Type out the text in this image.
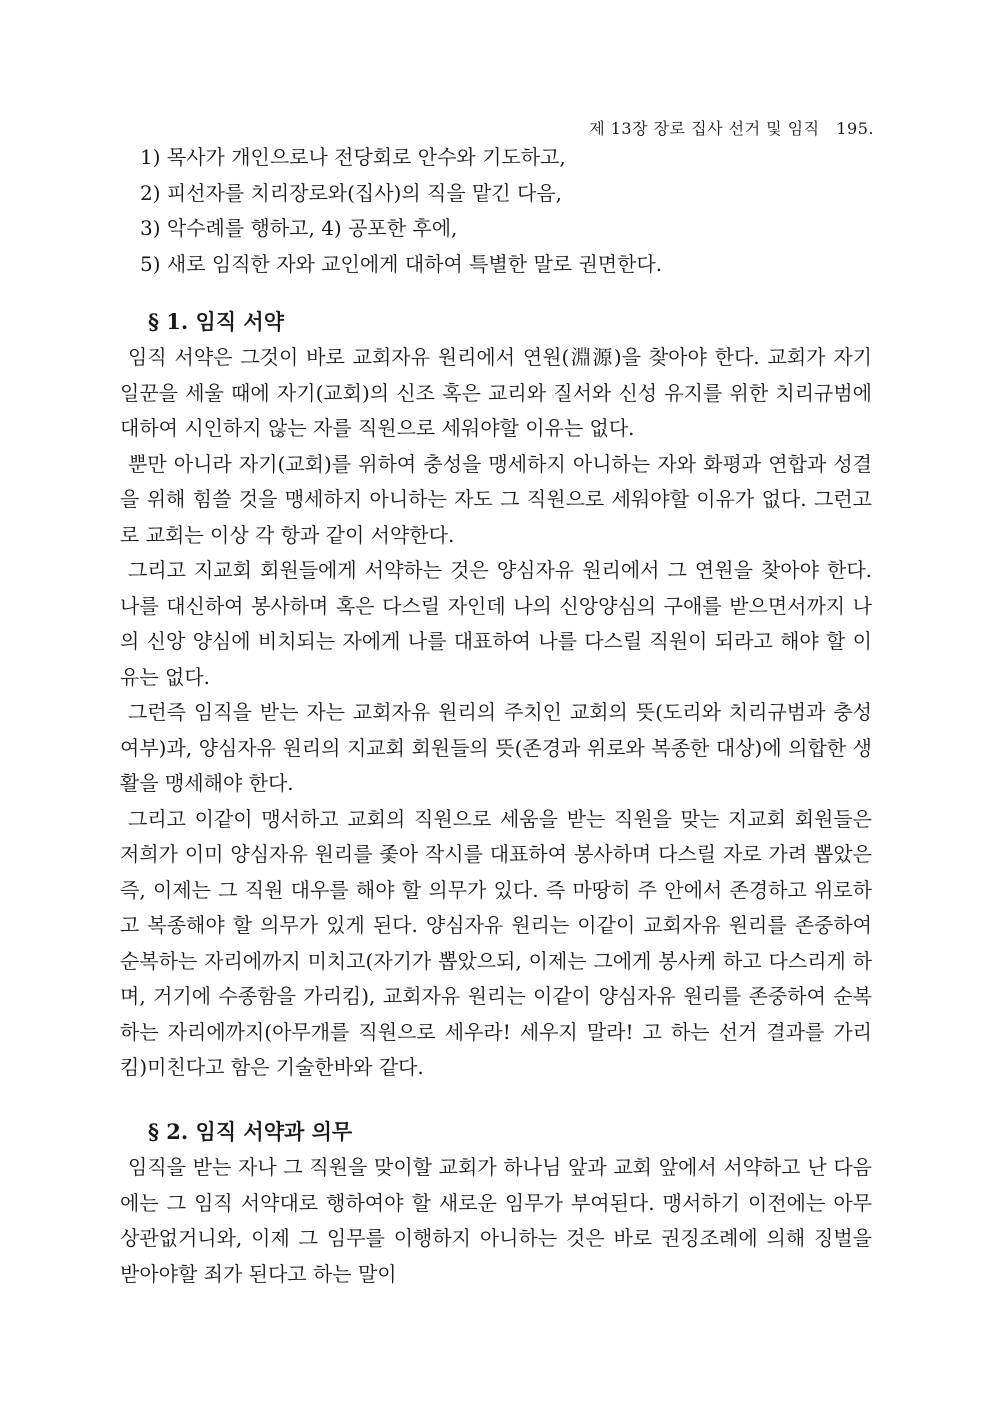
제 13장 장로 집사 선거 및 임직 195.
1) 목사가 개인으로나 전당회로 안수와 기도하고,
2) 피선자를 치리장로와(집사)의 직을 맡긴 다음,
3) 악수례를 행하고, 4) 공포한 후에,
5) 새로 임직한 자와 교인에게 대하여 특별한 말로 권면한다.
§ 1. 임직 서약

임직 서약은 그것이 바로 교회자유 원리에서 연원(淵源)을 찾아야 한다. 교회가 자기 일꾼을 세울 때에 자기(교회)의 신조 혹은 교리와 질서와 신성 유지를 위한 치리규범에 대하여 시인하지 않는 자를 직원으로 세워야할 이유는 없다.

뿐만 아니라 자기(교회)를 위하여 충성을 맹세하지 아니하는 자와 화평과 연합과 성결을 위해 힘쓸 것을 맹세하지 아니하는 자도 그 직원으로 세워야할 이유가 없다. 그런고로 교회는 이상 각 항과 같이 서약한다.

그리고 지교회 회원들에게 서약하는 것은 양심자유 원리에서 그 연원을 찾아야 한다. 나를 대신하여 봉사하며 혹은 다스릴 자인데 나의 신앙양심의 구애를 받으면서까지 나의 신앙 양심에 비치되는 자에게 나를 대표하여 나를 다스릴 직원이 되라고 해야 할 이유는 없다.

그런즉 임직을 받는 자는 교회자유 원리의 주치인 교회의 뜻(도리와 치리규범과 충성 여부)과, 양심자유 원리의 지교회 회원들의 뜻(존경과 위로와 복종한 대상)에 의합한 생활을 맹세해야 한다.

그리고 이같이 맹서하고 교회의 직원으로 세움을 받는 직원을 맞는 지교회 회원들은 저희가 이미 양심자유 원리를 좇아 작시를 대표하여 봉사하며 다스릴 자로 가려 뽑았은즉, 이제는 그 직원 대우를 해야 할 의무가 있다. 즉 마땅히 주 안에서 존경하고 위로하고 복종해야 할 의무가 있게 된다. 양심자유 원리는 이같이 교회자유 원리를 존중하여 순복하는 자리에까지 미치고(자기가 뽑았으되, 이제는 그에게 봉사케 하고 다스리게 하며, 거기에 수종함을 가리킴), 교회자유 원리는 이같이 양심자유 원리를 존중하여 순복하는 자리에까지(아무개를 직원으로 세우라! 세우지 말라! 고 하는 선거 결과를 가리킴)미친다고 함은 기술한바와 같다.

§ 2. 임직 서약과 의무

임직을 받는 자나 그 직원을 맞이할 교회가 하나님 앞과 교회 앞에서 서약하고 난 다음에는 그 임직 서약대로 행하여야 할 새로운 임무가 부여된다. 맹서하기 이전에는 아무 상관없거니와, 이제 그 임무를 이행하지 아니하는 것은 바로 권징조례에 의해 징벌을 받아야할 죄가 된다고 하는 말이
